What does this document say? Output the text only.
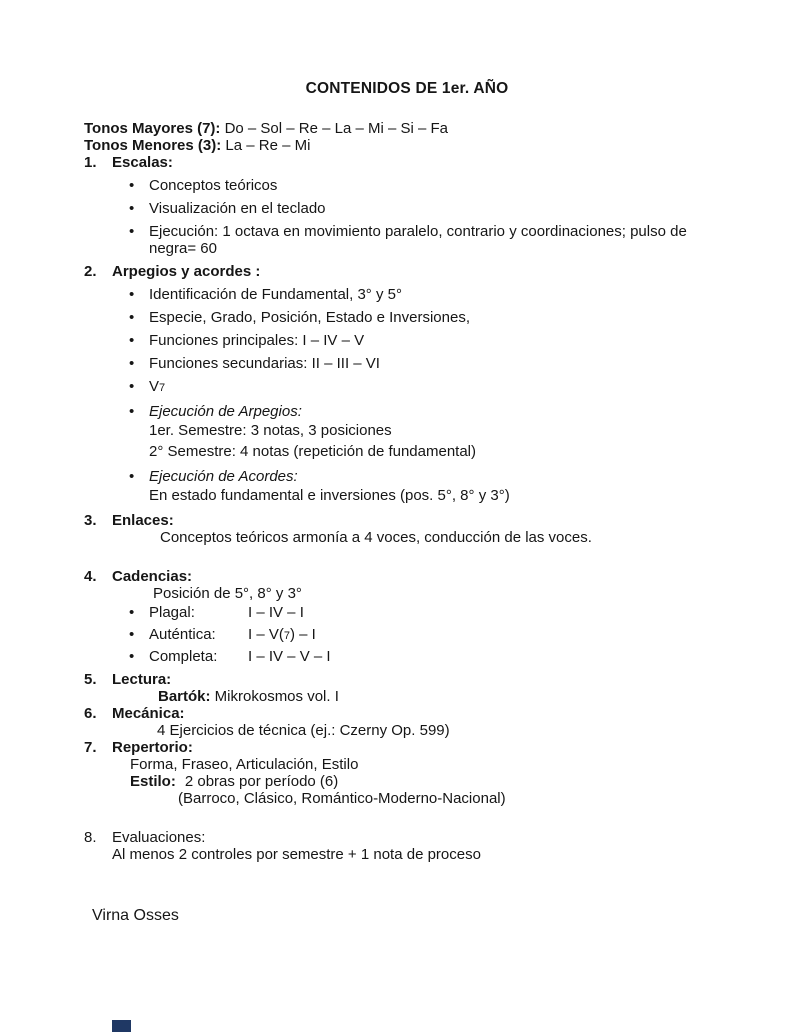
CONTENIDOS DE 1er. AÑO
Tonos Mayores (7): Do – Sol – Re – La – Mi – Si – Fa
Tonos Menores (3): La – Re – Mi
1. Escalas:
• Conceptos teóricos
• Visualización en el teclado
• Ejecución: 1 octava en movimiento paralelo, contrario y coordinaciones; pulso de negra= 60
2. Arpegios y acordes :
• Identificación de Fundamental, 3° y 5°
• Especie, Grado, Posición, Estado e Inversiones,
• Funciones principales: I – IV – V
• Funciones secundarias: II – III – VI
• V7
• Ejecución de Arpegios:
1er. Semestre: 3 notas, 3 posiciones
2° Semestre: 4 notas (repetición de fundamental)
• Ejecución de Acordes:
En estado fundamental e inversiones (pos. 5°, 8° y 3°)
3. Enlaces:
Conceptos teóricos armonía a 4 voces, conducción de las voces.
4. Cadencias:
Posición de 5°, 8° y 3°
• Plagal:	I – IV – I
• Auténtica: I – V(7) – I
• Completa: I – IV – V – I
5. Lectura:
Bartók: Mikrokosmos vol. I
6. Mecánica:
4 Ejercicios de técnica (ej.: Czerny Op. 599)
7. Repertorio:
Forma, Fraseo, Articulación, Estilo
Estilo: 2 obras por período (6)
(Barroco, Clásico, Romántico-Moderno-Nacional)
8. Evaluaciones:
Al menos 2 controles por semestre + 1 nota de proceso
Virna Osses
